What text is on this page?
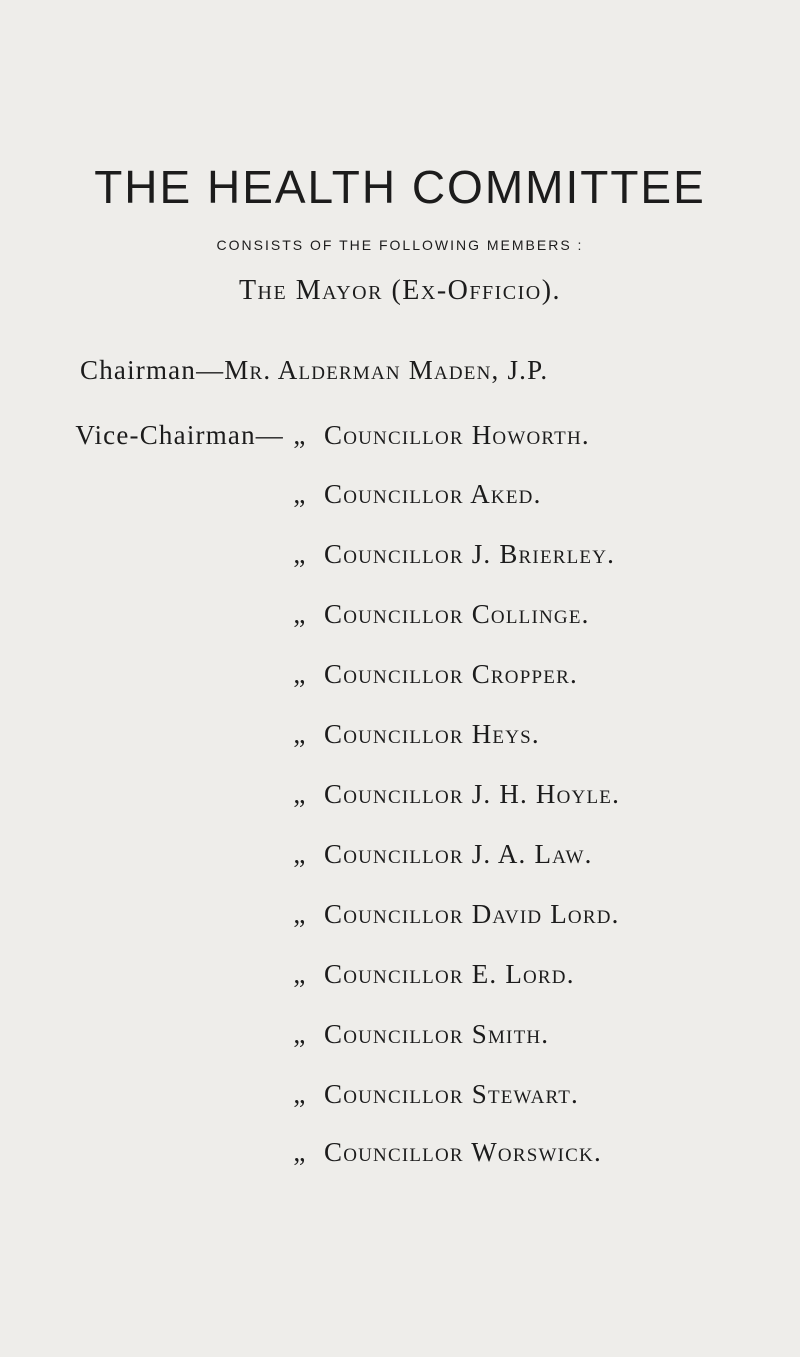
THE HEALTH COMMITTEE
CONSISTS OF THE FOLLOWING MEMBERS :
The Mayor (Ex-Officio).
Chairman—Mr. Alderman Maden, J.P.
Vice-Chairman— „ Councillor Howorth.
„ Councillor Aked.
„ Councillor J. Brierley.
„ Councillor Collinge.
„ Councillor Cropper.
„ Councillor Heys.
„ Councillor J. H. Hoyle.
„ Councillor J. A. Law.
„ Councillor David Lord.
„ Councillor E. Lord.
„ Councillor Smith.
„ Councillor Stewart.
„ Councillor Worswick.
